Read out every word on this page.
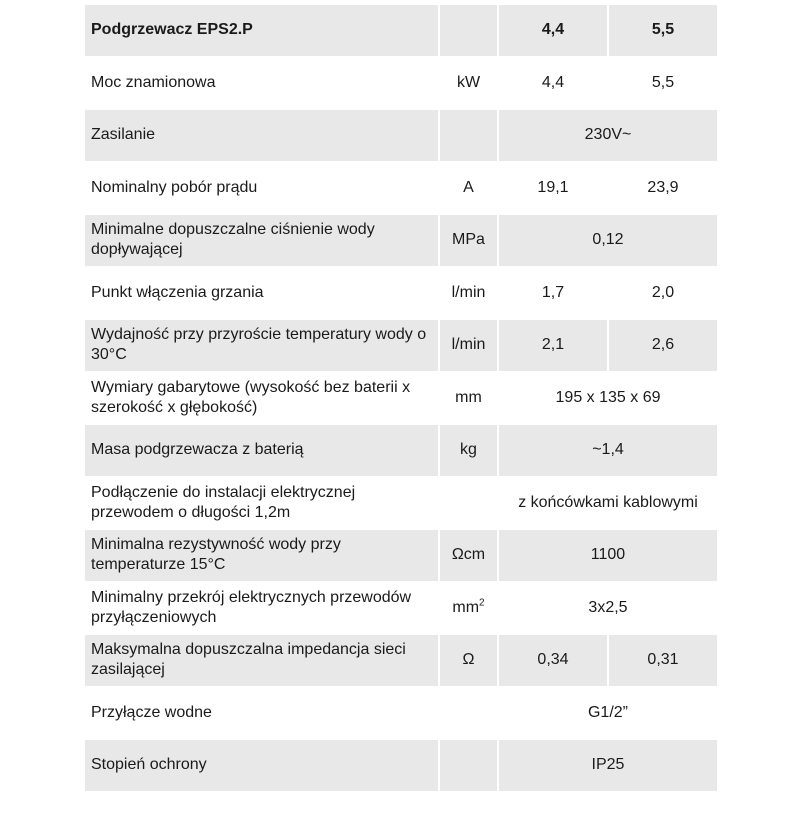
Podgrzewacz EPS2.P		4,4	5,5
Moc znamionowa	kW	4,4	5,5
Zasilanie		230V~	
Nominalny pobór prądu	A	19,1	23,9
Minimalne dopuszczalne ciśnienie wody dopływającej	MPa	0,12	
Punkt włączenia grzania	l/min	1,7	2,0
Wydajność przy przyroście temperatury wody o 30°C	l/min	2,1	2,6
Wymiary gabarytowe (wysokość bez baterii x szerokość x głębokość)	mm	195 x 135 x 69	
Masa podgrzewacza z baterią	kg	~1,4	
Podłączenie do instalacji elektrycznej przewodem o długości 1,2m		z końcówkami kablowymi	
Minimalna rezystywność wody przy temperaturze 15°C	Ωcm	1100	
Minimalny przekrój elektrycznych przewodów przyłączeniowych	$mm^2$	3x2,5	
Maksymalna dopuszczalna impedancja sieci zasilającej	Ω	0,34	0,31
Przyłącze wodne		G1/2”	
Stopień ochrony		IP25	
